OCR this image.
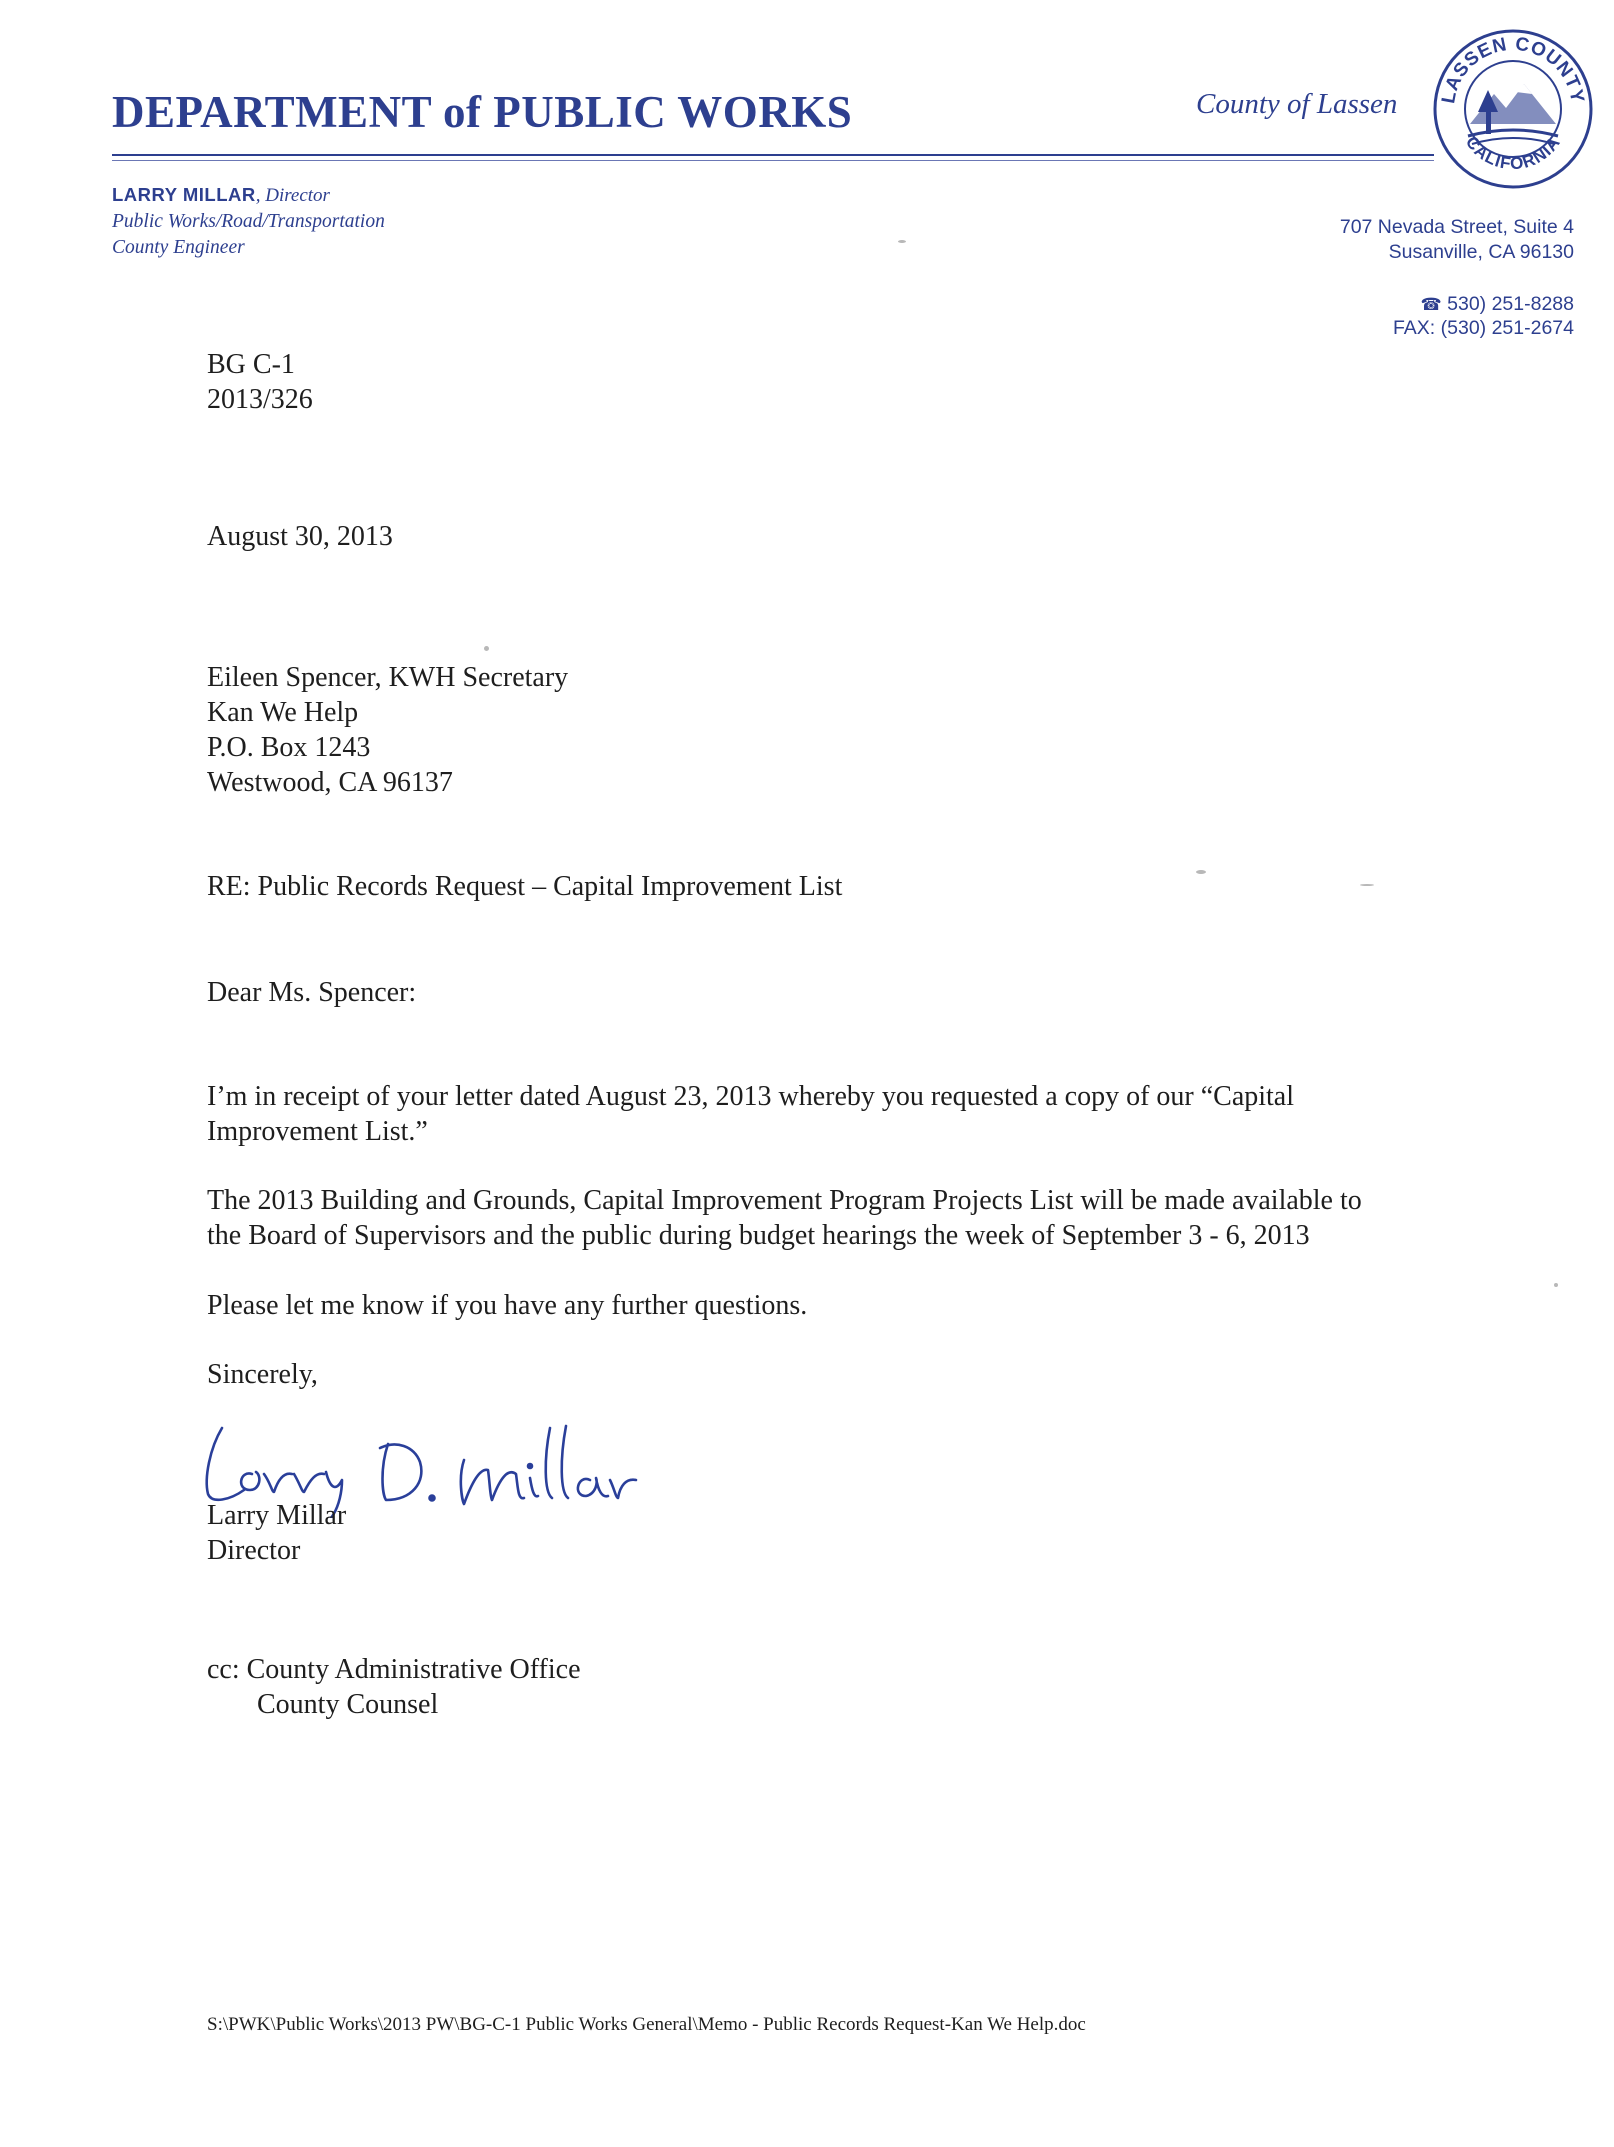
DEPARTMENT of PUBLIC WORKS	County of Lassen LASSEN COUNTY
CALIFORNIA
LARRY MILLAR, Director
Public Works/Road/Transportation
County Engineer
707 Nevada Street, Suite 4
Susanville, CA 96130
☎ 530) 251-8288
FAX: (530) 251-2674
BG C-1
2013/326
August 30, 2013
Eileen Spencer, KWH Secretary
Kan We Help
P.O. Box 1243
Westwood, CA 96137
RE: Public Records Request – Capital Improvement List
Dear Ms. Spencer:
I’m in receipt of your letter dated August 23, 2013 whereby you requested a copy of our “Capital
Improvement List.”
The 2013 Building and Grounds, Capital Improvement Program Projects List will be made available to
the Board of Supervisors and the public during budget hearings the week of September 3 - 6, 2013
Please let me know if you have any further questions.
Sincerely,
Larry Millar
Director
cc: County Administrative Office
County Counsel
S:\PWK\Public Works\2013 PW\BG-C-1 Public Works General\Memo - Public Records Request-Kan We Help.doc
